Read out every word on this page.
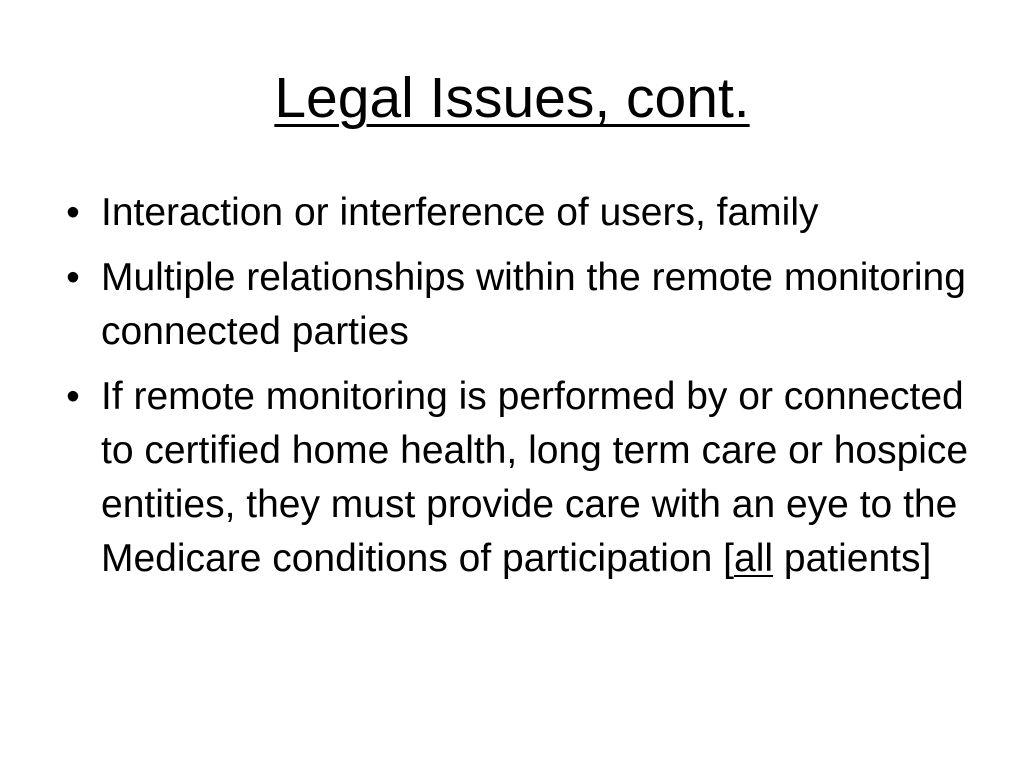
Legal Issues, cont.
• Interaction or interference of users, family
• Multiple relationships within the remote monitoring connected parties
• If remote monitoring is performed by or connected to certified home health, long term care or hospice entities, they must provide care with an eye to the Medicare conditions of participation [all patients]
